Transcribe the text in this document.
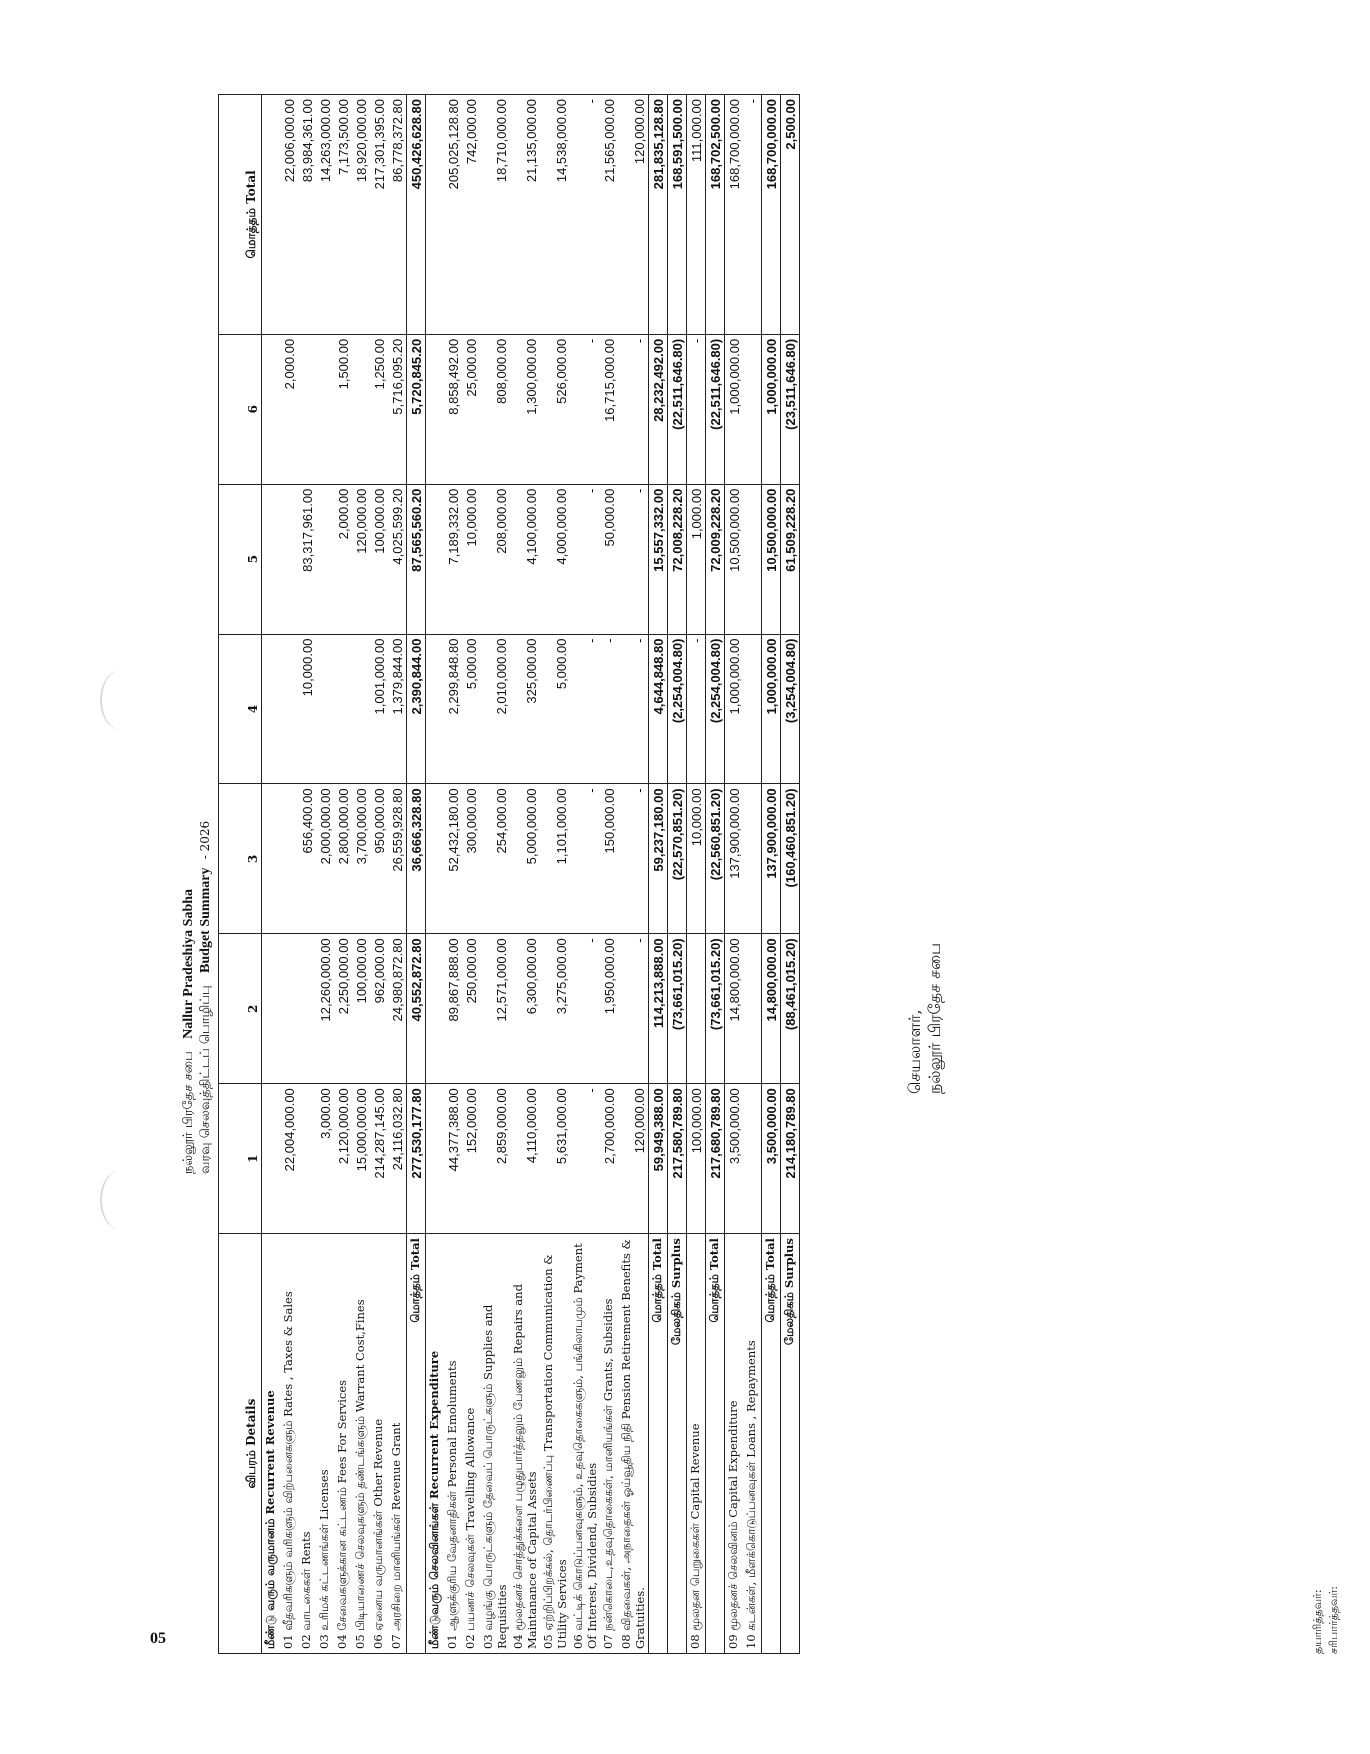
05
நல்லூர் பிரதேச சபை   Nallur Pradeshiya Sabha
வரவு செலவுத்திட்டப் பொழிப்பு   Budget Summary  - 2026
விபரம் Details	1	2	3	4	5	6	மொத்தம் Total
மீண்டு வரும் வருமானம் Recurrent Revenue							
01 வீதவரிகளும் வரிகளும் விற்பனைகளும் Rates , Taxes & Sales	22,004,000.00					2,000.00	22,006,000.00
02 வாடகைகள் Rents			656,400.00	10,000.00	83,317,961.00		83,984,361.00
03 உரிமக் கட்டணங்கள் Licenses	3,000.00	12,260,000.00	2,000,000.00				14,263,000.00
04 சேவைகளுக்கான கட்டணம் Fees For Services	2,120,000.00	2,250,000.00	2,800,000.00		2,000.00	1,500.00	7,173,500.00
05 பிடியாணைச் செலவுகளும் தண்டங்களும் Warrant Cost,Fines	15,000,000.00	100,000.00	3,700,000.00		120,000.00		18,920,000.00
06 ஏனைய வருமானங்கள் Other Revenue	214,287,145.00	962,000.00	950,000.00	1,001,000.00	100,000.00	1,250.00	217,301,395.00
07 அரசிறை மானியங்கள் Revenue Grant	24,116,032.80	24,980,872.80	26,559,928.80	1,379,844.00	4,025,599.20	5,716,095.20	86,778,372.80
மொத்தம் Total	277,530,177.80	40,552,872.80	36,666,328.80	2,390,844.00	87,565,560.20	5,720,845.20	450,426,628.80
மீண்டுவரும் செலவினங்கள் Recurrent Expenditure							
01 ஆளுக்குரிய வேதனாதிகள் Personal Emoluments	44,377,388.00	89,867,888.00	52,432,180.00	2,299,848.80	7,189,332.00	8,858,492.00	205,025,128.80
02 பயணச் செலவுகள் Travelling Allowance	152,000.00	250,000.00	300,000.00	5,000.00	10,000.00	25,000.00	742,000.00
03 வழங்கு பொருட்களும் தேவைப் பொருட்களும் Supplies and Requisities	2,859,000.00	12,571,000.00	254,000.00	2,010,000.00	208,000.00	808,000.00	18,710,000.00
04 மூலதனச் சொத்துக்களை பழுதுபார்த்தலும் பேணலும் Repairs and Maintanance of Capital Assets	4,110,000.00	6,300,000.00	5,000,000.00	325,000.00	4,100,000.00	1,300,000.00	21,135,000.00
05 ஏற்றிப்பிறக்கல், தொடர்பிணைப்பு Transportation Communication & Utility Services	5,631,000.00	3,275,000.00	1,101,000.00	5,000.00	4,000,000.00	526,000.00	14,538,000.00
06 வட்டிக் கொடுப்பனவுகளும், உதவுதொகைகளும், பங்கிலாபமும் Payment Of Interest, Dividend, Subsidies	-	-	-	-	-	-	-
07 நன்கொடை,உதவுதொகைகள், மானியங்கள் Grants, Subsidies	2,700,000.00	1,950,000.00	150,000.00	-	50,000.00	16,715,000.00	21,565,000.00
08 விதவைகள், அநாதைகள் ஓய்வூதிய நிதி Pension Retirement Benefits & Gratuities.	120,000.00	-	-	-	-	-	120,000.00
மொத்தம் Total	59,949,388.00	114,213,888.00	59,237,180.00	4,644,848.80	15,557,332.00	28,232,492.00	281,835,128.80
மேலதிகம் Surplus	217,580,789.80	(73,661,015.20)	(22,570,851.20)	(2,254,004.80)	72,008,228.20	(22,511,646.80)	168,591,500.00
08 மூலதன பெறுகைகள் Capital Revenue	100,000.00		10,000.00	-	1,000.00	-	111,000.00
மொத்தம் Total	217,680,789.80	(73,661,015.20)	(22,560,851.20)	(2,254,004.80)	72,009,228.20	(22,511,646.80)	168,702,500.00
09 மூலதனச் செலவினம் Capital Expenditure	3,500,000.00	14,800,000.00	137,900,000.00	1,000,000.00	10,500,000.00	1,000,000.00	168,700,000.00
10 கடன்கள், மீளக்கொடுப்பனவுகள் Loans , Repayments							-
மொத்தம் Total	3,500,000.00	14,800,000.00	137,900,000.00	1,000,000.00	10,500,000.00	1,000,000.00	168,700,000.00
மேலதிகம் Surplus	214,180,789.80	(88,461,015.20)	(160,460,851.20)	(3,254,004.80)	61,509,228.20	(23,511,646.80)	2,500.00
செயலாளர், நல்லூர் பிரதேச சபை
தயாரித்தவர்: சரிபார்த்தவர்:
